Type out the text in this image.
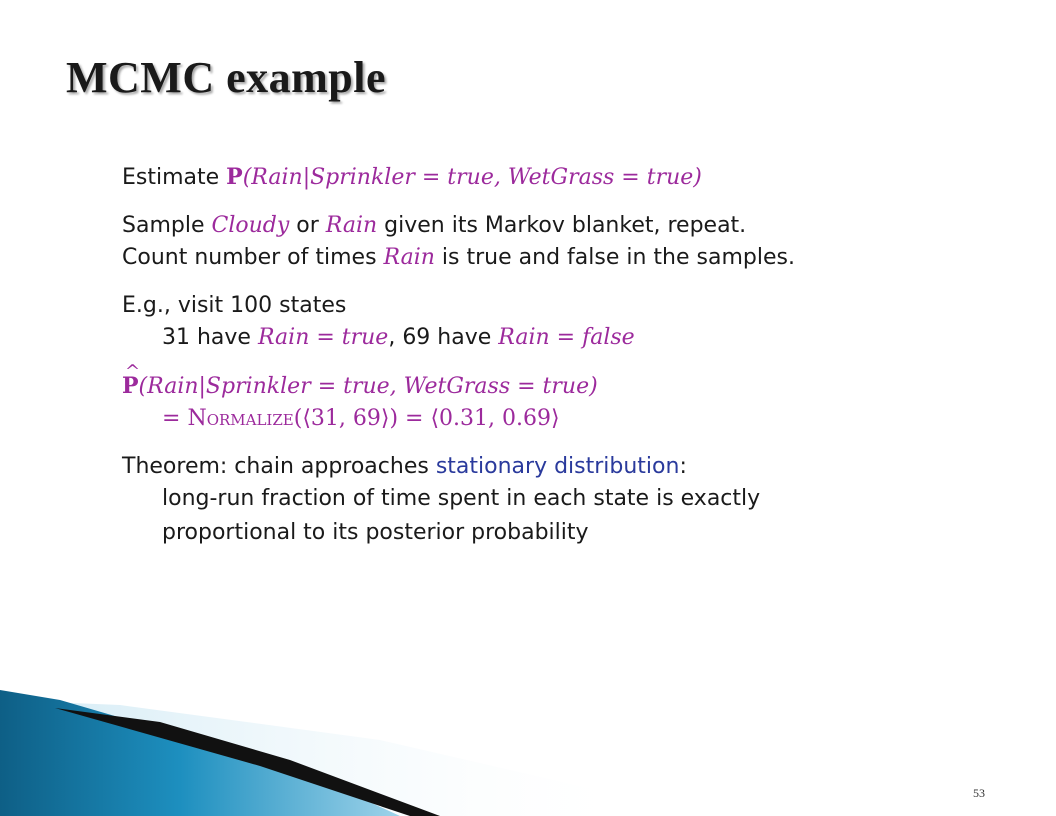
MCMC example

Estimate P(Rain|Sprinkler = true, WetGrass = true)

Sample Cloudy or Rain given its Markov blanket, repeat.

Count number of times Rain is true and false in the samples.

E.g., visit 100 states

31 have Rain = true, 69 have Rain = false

^ P(Rain|Sprinkler = true, WetGrass = true)

= Normalize(⟨31, 69⟩) = ⟨0.31, 0.69⟩

Theorem: chain approaches stationary distribution:

long-run fraction of time spent in each state is exactly

proportional to its posterior probability

53
